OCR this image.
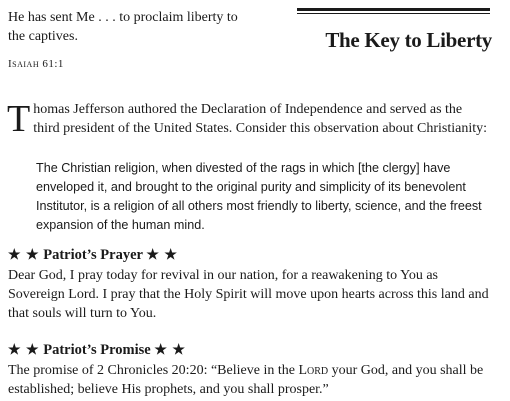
He has sent Me . . . to proclaim liberty to the captives.
Isaiah 61:1
The Key to Liberty

Thomas Jefferson authored the Declaration of Independence and served as the third president of the United States. Consider this observation about Christianity:

The Christian religion, when divested of the rags in which [the clergy] have enveloped it, and brought to the original purity and simplicity of its benevolent Institutor, is a religion of all others most friendly to liberty, science, and the freest expansion of the human mind.

★ ★ Patriot’s Prayer ★ ★

Dear God, I pray today for revival in our nation, for a reawakening to You as Sovereign Lord. I pray that the Holy Spirit will move upon hearts across this land and that souls will turn to You.

★ ★ Patriot’s Promise ★ ★

The promise of 2 Chronicles 20:20: “Believe in the Lord your God, and you shall be established; believe His prophets, and you shall prosper.”
